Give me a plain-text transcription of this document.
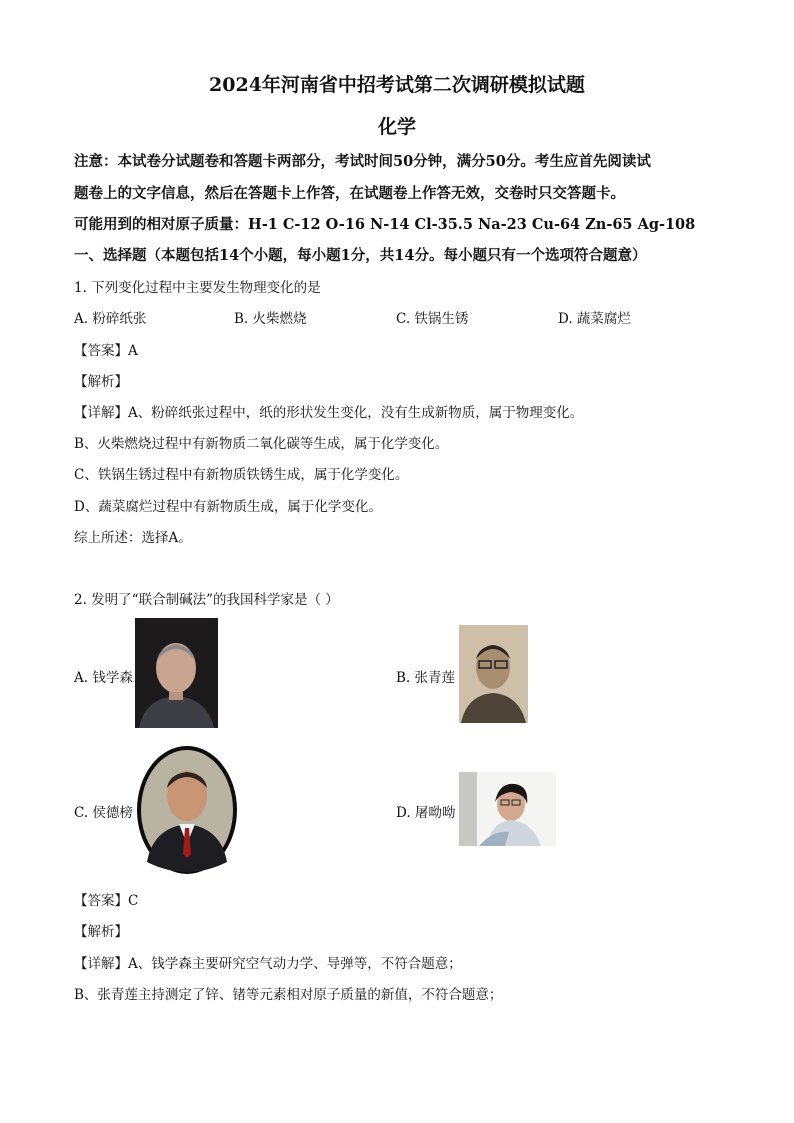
2024年河南省中招考试第二次调研模拟试题
化学
注意：本试卷分试题卷和答题卡两部分，考试时间50分钟，满分50分。考生应首先阅读试
题卷上的文字信息，然后在答题卡上作答，在试题卷上作答无效，交卷时只交答题卡。
可能用到的相对原子质量：H-1 C-12 O-16 N-14 Cl-35.5 Na-23 Cu-64 Zn-65 Ag-108
一、选择题（本题包括14个小题，每小题1分，共14分。每小题只有一个选项符合题意）
1. 下列变化过程中主要发生物理变化的是
A. 粉碎纸张	B. 火柴燃烧	C. 铁锅生锈	D. 蔬菜腐烂
【答案】A
【解析】
【详解】A、粉碎纸张过程中，纸的形状发生变化，没有生成新物质，属于物理变化。
B、火柴燃烧过程中有新物质二氧化碳等生成，属于化学变化。
C、铁锅生锈过程中有新物质铁锈生成，属于化学变化。
D、蔬菜腐烂过程中有新物质生成，属于化学变化。
综上所述：选择A。
2. 发明了“联合制碱法”的我国科学家是（ ）
A. 钱学森	B. 张青莲
C. 侯德榜	D. 屠呦呦
【答案】C
【解析】
【详解】A、钱学森主要研究空气动力学、导弹等，不符合题意；
B、张青莲主持测定了锌、锗等元素相对原子质量的新值，不符合题意；
